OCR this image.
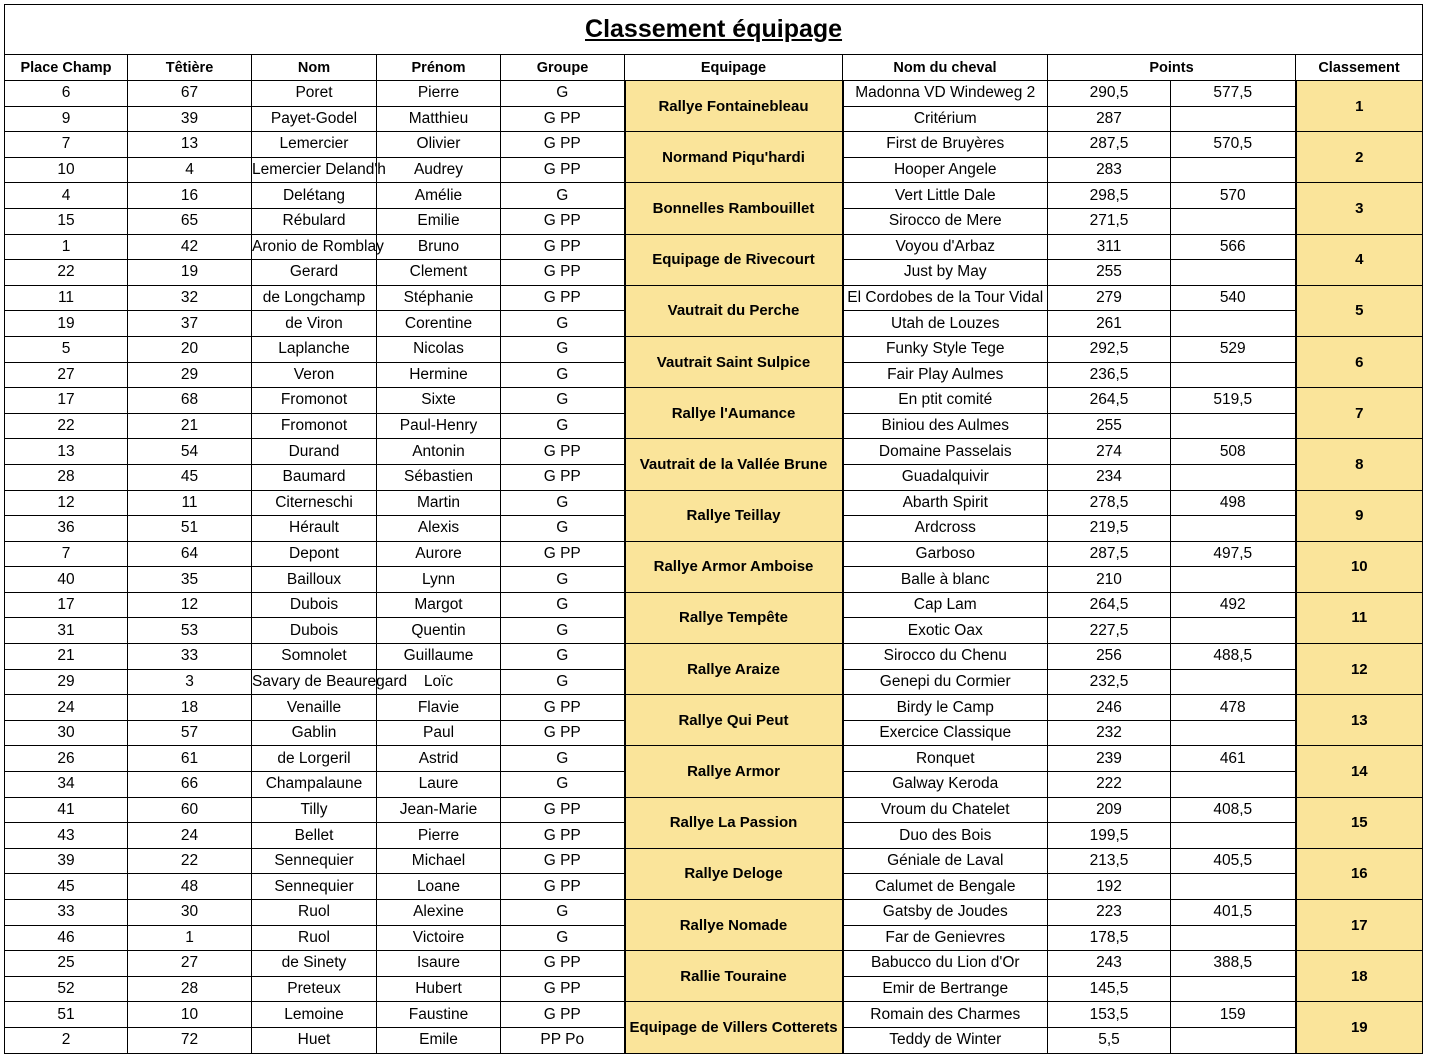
Classement équipage									
Place Champ	Têtière	Nom	Prénom	Groupe	Equipage	Nom du cheval	Points		Classement
6	67	Poret	Pierre	G	Rallye Fontainebleau	Madonna VD Windeweg 2	290,5	577,5	1
9	39	Payet-Godel	Matthieu	G PP		Critérium	287		
7	13	Lemercier	Olivier	G PP	Normand Piqu'hardi	First de Bruyères	287,5	570,5	2
10	4	Lemercier Deland'h	Audrey	G PP		Hooper Angele	283		
4	16	Delétang	Amélie	G	Bonnelles Rambouillet	Vert Little Dale	298,5	570	3
15	65	Rébulard	Emilie	G PP		Sirocco de Mere	271,5		
1	42	Aronio de Romblay	Bruno	G PP	Equipage de Rivecourt	Voyou d'Arbaz	311	566	4
22	19	Gerard	Clement	G PP		Just by May	255		
11	32	de Longchamp	Stéphanie	G PP	Vautrait du Perche	El Cordobes de la Tour Vidal	279	540	5
19	37	de Viron	Corentine	G		Utah de Louzes	261		
5	20	Laplanche	Nicolas	G	Vautrait Saint Sulpice	Funky Style Tege	292,5	529	6
27	29	Veron	Hermine	G		Fair Play Aulmes	236,5		
17	68	Fromonot	Sixte	G	Rallye l'Aumance	En ptit comité	264,5	519,5	7
22	21	Fromonot	Paul-Henry	G		Biniou des Aulmes	255		
13	54	Durand	Antonin	G PP	Vautrait de la Vallée Brune	Domaine Passelais	274	508	8
28	45	Baumard	Sébastien	G PP		Guadalquivir	234		
12	11	Citerneschi	Martin	G	Rallye Teillay	Abarth Spirit	278,5	498	9
36	51	Hérault	Alexis	G		Ardcross	219,5		
7	64	Depont	Aurore	G PP	Rallye Armor Amboise	Garboso	287,5	497,5	10
40	35	Bailloux	Lynn	G		Balle à blanc	210		
17	12	Dubois	Margot	G	Rallye Tempête	Cap Lam	264,5	492	11
31	53	Dubois	Quentin	G		Exotic Oax	227,5		
21	33	Somnolet	Guillaume	G	Rallye Araize	Sirocco du Chenu	256	488,5	12
29	3	Savary de Beauregard	Loïc	G		Genepi du Cormier	232,5		
24	18	Venaille	Flavie	G PP	Rallye Qui Peut	Birdy le Camp	246	478	13
30	57	Gablin	Paul	G PP		Exercice Classique	232		
26	61	de Lorgeril	Astrid	G	Rallye Armor	Ronquet	239	461	14
34	66	Champalaune	Laure	G		Galway Keroda	222		
41	60	Tilly	Jean-Marie	G PP	Rallye La Passion	Vroum du Chatelet	209	408,5	15
43	24	Bellet	Pierre	G PP		Duo des Bois	199,5		
39	22	Sennequier	Michael	G PP	Rallye Deloge	Géniale de Laval	213,5	405,5	16
45	48	Sennequier	Loane	G PP		Calumet de Bengale	192		
33	30	Ruol	Alexine	G	Rallye Nomade	Gatsby de Joudes	223	401,5	17
46	1	Ruol	Victoire	G		Far de Genievres	178,5		
25	27	de Sinety	Isaure	G PP	Rallie Touraine	Babucco du Lion d'Or	243	388,5	18
52	28	Preteux	Hubert	G PP		Emir de Bertrange	145,5		
51	10	Lemoine	Faustine	G PP	Equipage de Villers Cotterets	Romain des Charmes	153,5	159	19
2	72	Huet	Emile	PP Po		Teddy de Winter	5,5		
